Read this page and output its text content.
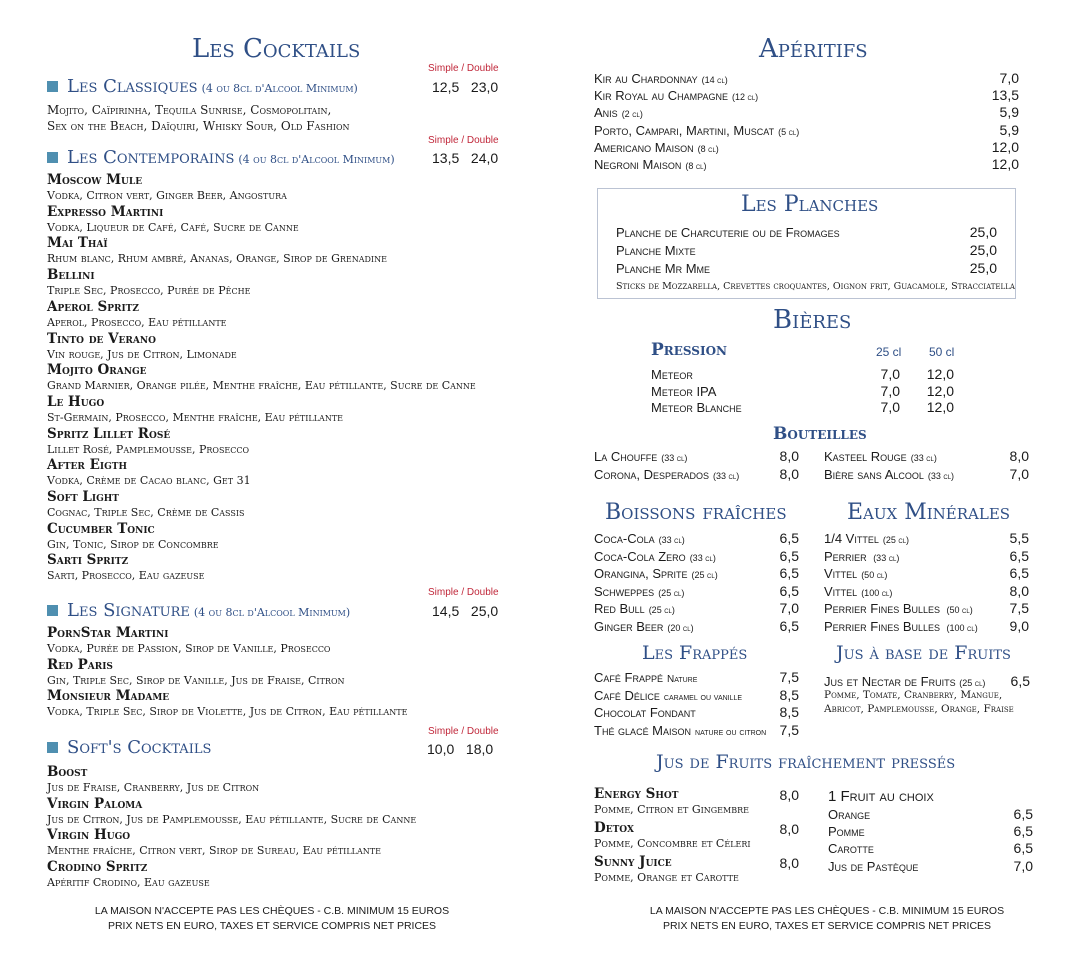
Les Cocktails
Simple / Double
Les Classiques (4 ou 8cl d'Alcool Minimum)	12,5   23,0
Mojito, Caïpirinha, Tequila Sunrise, Cosmopolitain,
Sex on the Beach, Daïquiri, Whisky Sour, Old Fashion
Simple / Double
Les Contemporains (4 ou 8cl d'Alcool Minimum)	13,5   24,0
Moscow Mule
Vodka, Citron vert, Ginger Beer, Angostura
Expresso Martini
Vodka, Liqueur de Café, Café, Sucre de Canne
Mai Thaï
Rhum blanc, Rhum ambré, Ananas, Orange, Sirop de Grenadine
Bellini
Triple Sec, Prosecco, Purée de Pêche
Aperol Spritz
Aperol, Prosecco, Eau pétillante
Tinto de Verano
Vin rouge, Jus de Citron, Limonade
Mojito Orange
Grand Marnier, Orange pilée, Menthe fraîche, Eau pétillante, Sucre de Canne
Le Hugo
St-Germain, Prosecco, Menthe fraîche, Eau pétillante
Spritz Lillet Rosé
Lillet Rosé, Pamplemousse, Prosecco
After Eigth
Vodka, Crème de Cacao blanc, Get 31
Soft Light
Cognac, Triple Sec, Crème de Cassis
Cucumber Tonic
Gin, Tonic, Sirop de Concombre
Sarti Spritz
Sarti, Prosecco, Eau gazeuse
Simple / Double
Les Signature (4 ou 8cl d'Alcool Minimum)	14,5   25,0
PornStar Martini
Vodka, Purée de Passion, Sirop de Vanille, Prosecco
Red Paris
Gin, Triple Sec, Sirop de Vanille, Jus de Fraise, Citron
Monsieur Madame
Vodka, Triple Sec, Sirop de Violette, Jus de Citron, Eau pétillante
Simple / Double
Soft's Cocktails	10,0   18,0
Boost
Jus de Fraise, Cranberry, Jus de Citron
Virgin Paloma
Jus de Citron, Jus de Pamplemousse, Eau pétillante, Sucre de Canne
Virgin Hugo
Menthe fraîche, Citron vert, Sirop de Sureau, Eau pétillante
Crodino Spritz
Apéritif Crodino, Eau gazeuse
LA MAISON N'ACCEPTE PAS LES CHÈQUES - C.B. MINIMUM 15 EUROS
PRIX NETS EN EURO, TAXES ET SERVICE COMPRIS NET PRICES
Apéritifs
Kir au Chardonnay (14 cl)	7,0
Kir Royal au Champagne (12 cl)	13,5
Anis (2 cl)	5,9
Porto, Campari, Martini, Muscat (5 cl)	5,9
Americano Maison (8 cl)	12,0
Negroni Maison (8 cl)	12,0
Les Planches
Planche de Charcuterie ou de Fromages	25,0
Planche Mixte	25,0
Planche Mr Mme	25,0
Sticks de Mozzarella, Crevettes croquantes, Oignon frit, Guacamole, Stracciatella
Bières
Pression	25 cl 50 cl
Meteor	7,0	12,0
Meteor IPA	7,0	12,0
Meteor Blanche	7,0	12,0
Bouteilles
La Chouffe (33 cl)	8,0
Corona, Desperados (33 cl)	8,0
Kasteel Rouge (33 cl)	8,0
Bière sans Alcool (33 cl)	7,0
Boissons fraîches	Eaux Minérales
Coca-Cola (33 cl)	6,5
Coca-Cola Zero (33 cl)	6,5
Orangina, Sprite (25 cl)	6,5
Schweppes (25 cl)	6,5
Red Bull (25 cl)	7,0
Ginger Beer (20 cl)	6,5
1/4 Vittel (25 cl)	5,5
Perrier (33 cl)	6,5
Vittel (50 cl)	6,5
Vittel (100 cl)	8,0
Perrier Fines Bulles (50 cl)	7,5
Perrier Fines Bulles (100 cl)	9,0
Les Frappés	Jus à base de Fruits
Café Frappé Nature	7,5
Café Délice caramel ou vanille	8,5
Chocolat Fondant	8,5
Thé glacé Maison nature ou citron 7,5
Jus et Nectar de Fruits (25 cl)	6,5
Pomme, Tomate, Cranberry, Mangue,
Abricot, Pamplemousse, Orange, Fraise
Jus de Fruits fraîchement pressés
Energy Shot
Pomme, Citron et Gingembre
8,0
Detox
Pomme, Concombre et Céleri
8,0
Sunny Juice
Pomme, Orange et Carotte
8,0
1 Fruit au choix
Orange	6,5
Pomme	6,5
Carotte	6,5
Jus de Pastèque	7,0
LA MAISON N'ACCEPTE PAS LES CHÈQUES - C.B. MINIMUM 15 EUROS
PRIX NETS EN EURO, TAXES ET SERVICE COMPRIS NET PRICES
